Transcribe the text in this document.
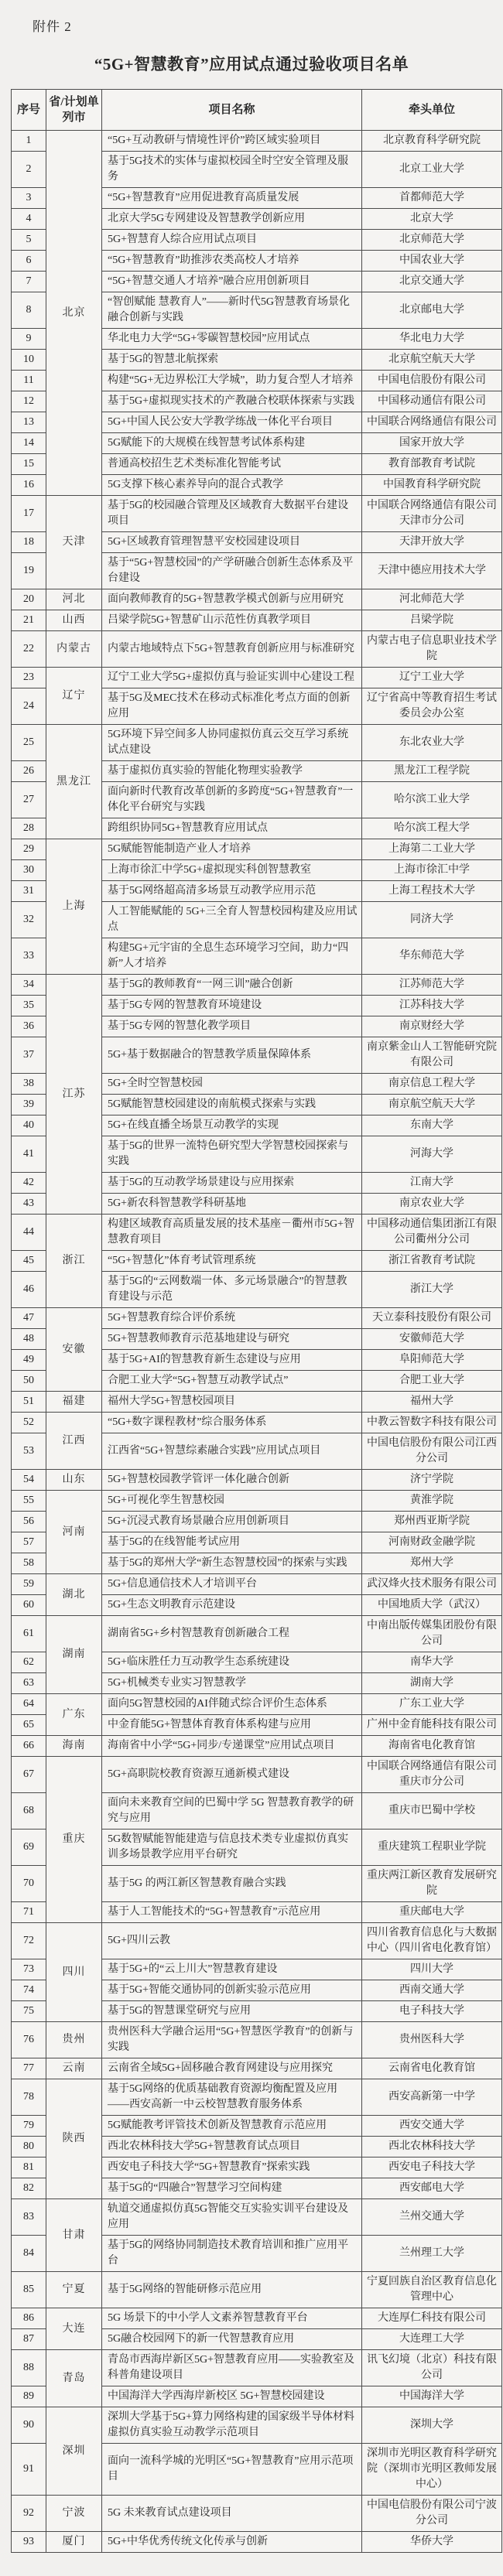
附件 2
“5G+智慧教育”应用试点通过验收项目名单
序号	省/计划单列市	项目名称	牵头单位
1	北京	“5G+互动教研与情境性评价”跨区域实验项目	北京教育科学研究院
2		基于5G技术的实体与虚拟校园全时空安全管理及服务	北京工业大学
3		“5G+智慧教育”应用促进教育高质量发展	首都师范大学
4		北京大学5G专网建设及智慧教学创新应用	北京大学
5		5G+智慧育人综合应用试点项目	北京师范大学
6		“5G+智慧教育”助推涉农类高校人才培养	中国农业大学
7		“5G+智慧交通人才培养”融合应用创新项目	北京交通大学
8		“智创赋能 慧教育人”——新时代5G智慧教育场景化融合创新与实践	北京邮电大学
9		华北电力大学“5G+零碳智慧校园”应用试点	华北电力大学
10		基于5G的智慧北航探索	北京航空航天大学
11		构建“5G+无边界松江大学城”，助力复合型人才培养	中国电信股份有限公司
12		基于5G+虚拟现实技术的产教融合校联体探索与实践	中国移动通信有限公司
13		5G+中国人民公安大学教学练战一体化平台项目	中国联合网络通信有限公司
14		5G赋能下的大规模在线智慧考试体系构建	国家开放大学
15		普通高校招生艺术类标准化智能考试	教育部教育考试院
16		5G支撑下核心素养导向的混合式教学	中国教育科学研究院
17	天津	基于5G的校园融合管理及区域教育大数据平台建设项目	中国联合网络通信有限公司天津市分公司
18		5G+区域教育管理智慧平安校园建设项目	天津开放大学
19		基于“5G+智慧校园”的产学研融合创新生态体系及平台建设	天津中德应用技术大学
20	河北	面向教师教育的5G+智慧教学模式创新与应用研究	河北师范大学
21	山西	吕梁学院5G+智慧矿山示范性仿真教学项目	吕梁学院
22	内蒙古	内蒙古地域特点下5G+智慧教育创新应用与标准研究	内蒙古电子信息职业技术学院
23	辽宁	辽宁工业大学5G+虚拟仿真与验证实训中心建设工程	辽宁工业大学
24		基于5G及MEC技术在移动式标准化考点方面的创新应用	辽宁省高中等教育招生考试委员会办公室
25	黑龙江	5G环境下异空间多人协同虚拟仿真云交互学习系统试点建设	东北农业大学
26		基于虚拟仿真实验的智能化物理实验教学	黑龙江工程学院
27		面向新时代教育改革创新的多跨度“5G+智慧教育”一体化平台研究与实践	哈尔滨工业大学
28		跨组织协同5G+智慧教育应用试点	哈尔滨工程大学
29	上海	5G赋能智能制造产业人才培养	上海第二工业大学
30		上海市徐汇中学5G+虚拟现实科创智慧教室	上海市徐汇中学
31		基于5G网络超高清多场景互动教学应用示范	上海工程技术大学
32		人工智能赋能的 5G+三全育人智慧校园构建及应用试点	同济大学
33		构建5G+元宇宙的全息生态环境学习空间，助力“四新”人才培养	华东师范大学
34	江苏	基于5G的教师教育“一网三训”融合创新	江苏师范大学
35		基于5G专网的智慧教育环境建设	江苏科技大学
36		基于5G专网的智慧化教学项目	南京财经大学
37		5G+基于数据融合的智慧教学质量保障体系	南京紫金山人工智能研究院有限公司
38		5G+全时空智慧校园	南京信息工程大学
39		5G赋能智慧校园建设的南航模式探索与实践	南京航空航天大学
40		5G+在线直播全场景互动教学的实现	东南大学
41		基于5G的世界一流特色研究型大学智慧校园探索与实践	河海大学
42		基于5G的互动教学场景建设与应用探索	江南大学
43		5G+新农科智慧教学科研基地	南京农业大学
44	浙江	构建区域教育高质量发展的技术基座－衢州市5G+智慧教育项目	中国移动通信集团浙江有限公司衢州分公司
45		“5G+智慧化”体育考试管理系统	浙江省教育考试院
46		基于5G的“云网数端一体、多元场景融合”的智慧教育建设与示范	浙江大学
47	安徽	5G+智慧教育综合评价系统	天立泰科技股份有限公司
48		5G+智慧教师教育示范基地建设与研究	安徽师范大学
49		基于5G+AI的智慧教育新生态建设与应用	阜阳师范大学
50		合肥工业大学“5G+智慧互动教学试点”	合肥工业大学
51	福建	福州大学5G+智慧校园项目	福州大学
52	江西	“5G+数字课程教材”综合服务体系	中教云智数字科技有限公司
53		江西省“5G+智慧综素融合实践”应用试点项目	中国电信股份有限公司江西分公司
54	山东	5G+智慧校园教学管评一体化融合创新	济宁学院
55	河南	5G+可视化孪生智慧校园	黄淮学院
56		5G+沉浸式教育场景融合应用创新项目	郑州西亚斯学院
57		基于5G的在线智能考试应用	河南财政金融学院
58		基于5G的郑州大学“新生态智慧校园”的探索与实践	郑州大学
59	湖北	5G+信息通信技术人才培训平台	武汉烽火技术服务有限公司
60		5G+生态文明教育示范建设	中国地质大学（武汉）
61	湖南	湖南省5G+乡村智慧教育创新融合工程	中南出版传媒集团股份有限公司
62		5G+临床胜任力互动教学生态系统建设	南华大学
63		5G+机械类专业实习智慧教学	湖南大学
64	广东	面向5G智慧校园的AI伴随式综合评价生态体系	广东工业大学
65		中金育能5G+智慧体育教育体系构建与应用	广州中金育能科技有限公司
66	海南	海南省中小学“5G+同步/专递课堂”应用试点项目	海南省电化教育馆
67	重庆	5G+高职院校教育资源互通新模式建设	中国联合网络通信有限公司重庆市分公司
68		面向未来教育空间的巴蜀中学 5G 智慧教育教学的研究与应用	重庆市巴蜀中学校
69		5G数智赋能智能建造与信息技术类专业虚拟仿真实训多场景教学应用平台研究	重庆建筑工程职业学院
70		基于5G 的两江新区智慧教育融合实践	重庆两江新区教育发展研究院
71		基于人工智能技术的“5G+智慧教育”示范应用	重庆邮电大学
72	四川	5G+四川云教	四川省教育信息化与大数据中心（四川省电化教育馆）
73		基于5G+的“云上川大”智慧教育建设	四川大学
74		基于5G+智能交通协同的创新实验示范应用	西南交通大学
75		基于5G的智慧课堂研究与应用	电子科技大学
76	贵州	贵州医科大学融合运用“5G+智慧医学教育”的创新与实践	贵州医科大学
77	云南	云南省全域5G+固移融合教育网建设与应用探究	云南省电化教育馆
78	陕西	基于5G网络的优质基础教育资源均衡配置及应用——西安高新一中云校智慧教育服务体系	西安高新第一中学
79		5G赋能教考评管技术创新及智慧教育示范应用	西安交通大学
80		西北农林科技大学5G+智慧教育试点项目	西北农林科技大学
81		西安电子科技大学“5G+智慧教育”探索实践	西安电子科技大学
82		基于5G的“四融合”智慧学习空间构建	西安邮电大学
83	甘肃	轨道交通虚拟仿真5G智能交互实验实训平台建设及应用	兰州交通大学
84		基于5G的网络协同制造技术教育培训和推广应用平台	兰州理工大学
85	宁夏	基于5G网络的智能研修示范应用	宁夏回族自治区教育信息化管理中心
86	大连	5G 场景下的中小学人文素养智慧教育平台	大连厚仁科技有限公司
87		5G融合校园网下的新一代智慧教育应用	大连理工大学
88	青岛	青岛市西海岸新区5G+智慧教育应用——实验教室及科普角建设项目	讯飞幻境（北京）科技有限公司
89		中国海洋大学西海岸新校区 5G+智慧校园建设	中国海洋大学
90	深圳	深圳大学基于5G+算力网络构建的国家级半导体材料虚拟仿真实验互动教学示范项目	深圳大学
91		面向一流科学城的光明区“5G+智慧教育”应用示范项目	深圳市光明区教育科学研究院（深圳市光明区教师发展中心）
92	宁波	5G 未来教育试点建设项目	中国电信股份有限公司宁波分公司
93	厦门	5G+中华优秀传统文化传承与创新	华侨大学
